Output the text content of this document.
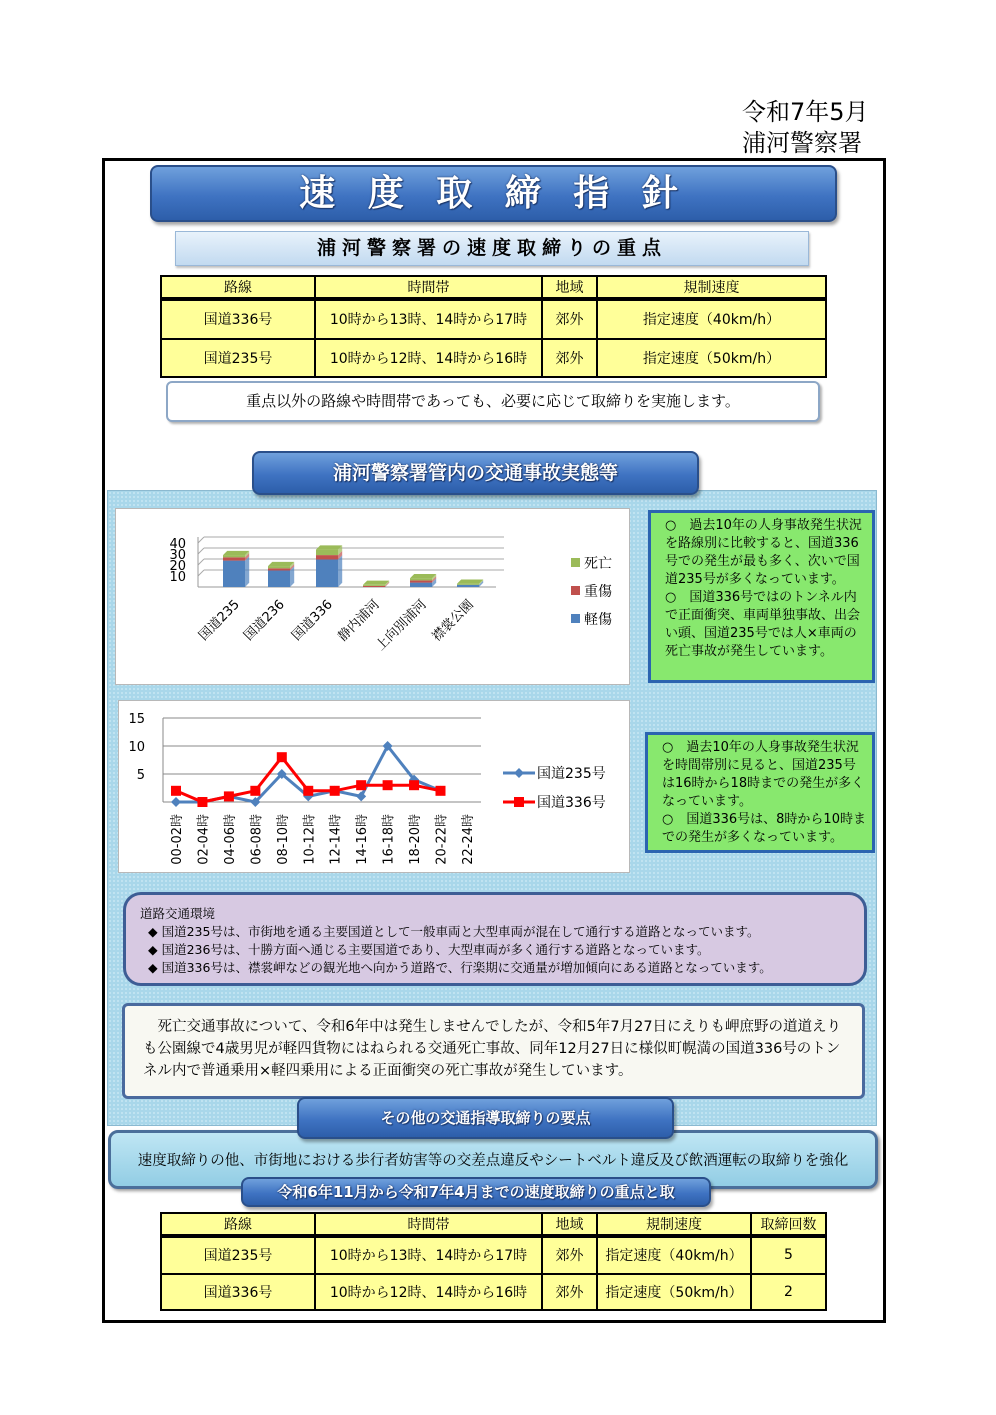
令和7年5月
浦河警察署
速 度 取 締 指 針
浦河警察署の速度取締りの重点
路線	時間帯	地域	規制速度
国道336号	10時から13時、14時から17時	郊外	指定速度（40km/h）
国道235号	10時から12時、14時から16時	郊外	指定速度（50km/h）
重点以外の路線や時間帯であっても、必要に応じて取締りを実施します。
浦河警察署管内の交通事故実態等
10
20
30
40
国道235
国道236 国道336 静内浦河
上向別浦河 襟裳公園
死亡
重傷
軽傷
○　過去10年の人身事故発生状況を路線別に比較すると、国道336号での発生が最も多く、次いで国道235号が多くなっています。
○　国道336号ではのトンネル内で正面衝突、車両単独事故、出会い頭、国道235号では人×車両の死亡事故が発生しています。
5
10
15
00-02時 02-04時 04-06時 06-08時 08-10時 10-12時 12-14時 14-16時 16-18時 18-20時 20-22時 22-24時
国道235号
国道336号
○　過去10年の人身事故発生状況を時間帯別に見ると、国道235号は16時から18時までの発生が多くなっています。
○　国道336号は、8時から10時までの発生が多くなっています。
道路交通環境
◆ 国道235号は、市街地を通る主要国道として一般車両と大型車両が混在して通行する道路となっています。
◆ 国道236号は、十勝方面へ通じる主要国道であり、大型車両が多く通行する道路となっています。
◆ 国道336号は、襟裳岬などの観光地へ向かう道路で、行楽期に交通量が増加傾向にある道路となっています。
死亡交通事故について、令和6年中は発生しませんでしたが、令和5年7月27日にえりも岬庶野の道道えりも公園線で4歳男児が軽四貨物にはねられる交通死亡事故、同年12月27日に様似町幌満の国道336号のトンネル内で普通乗用×軽四乗用による正面衝突の死亡事故が発生しています。
速度取締りの他、市街地における歩行者妨害等の交差点違反やシートベルト違反及び飲酒運転の取締りを強化
その他の交通指導取締りの要点
令和6年11月から令和7年4月までの速度取締りの重点と取
路線	時間帯	地域	規制速度	取締回数
国道235号	10時から13時、14時から17時	郊外	指定速度（40km/h）	5
国道336号	10時から12時、14時から16時	郊外	指定速度（50km/h）	2
